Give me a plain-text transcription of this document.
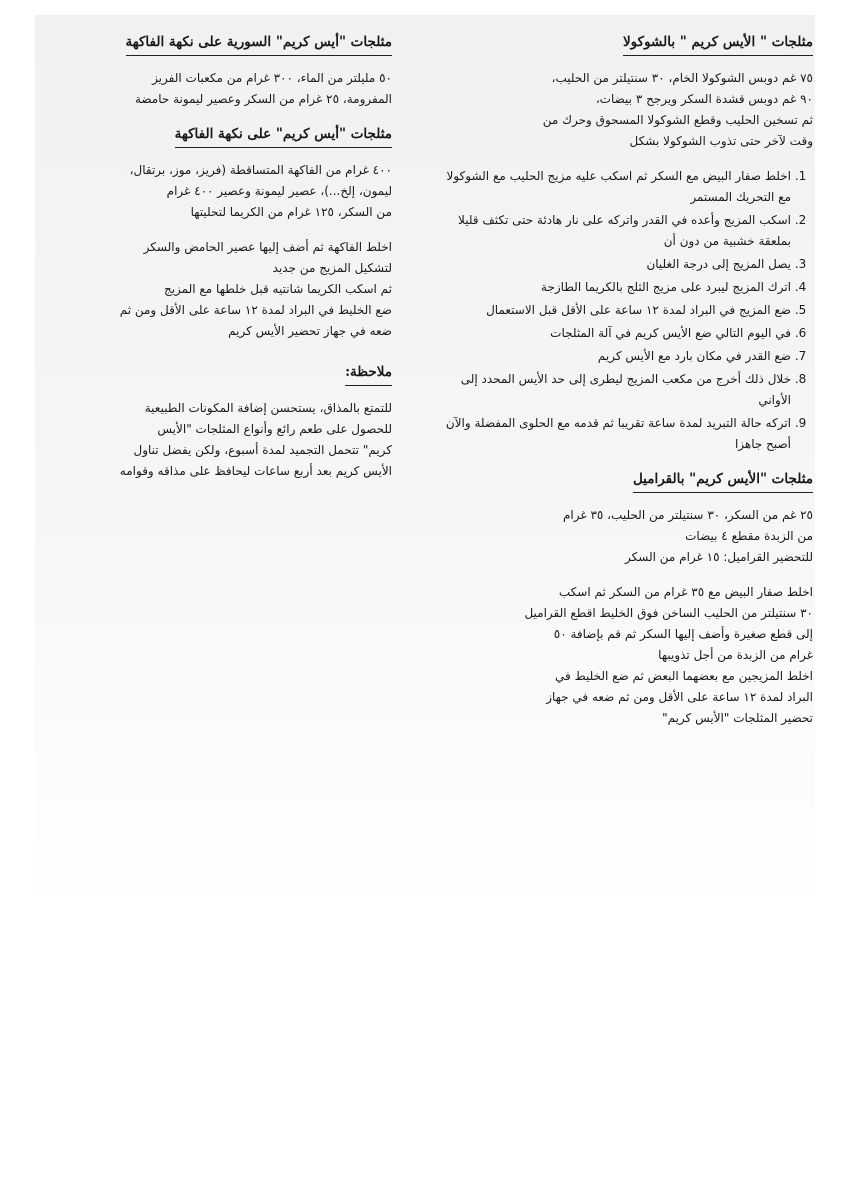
مثلجات " الأيس كريم " بالشوكولا

٧٥ غم دوبس الشوكولا الخام، ٣٠ سنتيلتر من الحليب،

٩٠ غم دوبس قشدة السكر ويرجح ٣ بيضات،

ثم تسخين الحليب وقطع الشوكولا المسحوق وحرك من

وقت لآخر حتى تذوب الشوكولا بشكل

1. اخلط صفار البيض مع السكر ثم اسكب عليه مزيج الحليب مع الشوكولا مع التحريك المستمر
2. اسكب المزيج وأعده في القدر واتركه على نار هادئة حتى تكثف قليلا بملعقة خشبية من دون أن
3. يصل المزيج إلى درجة الغليان
4. اترك المزيج ليبرد على مزيج الثلج بالكريما الطازجة
5. ضع المزيج في البراد لمدة ١٢ ساعة على الأقل قبل الاستعمال
6. في اليوم التالي ضع الأيس كريم في آلة المثلجات
7. ضع القدر في مكان بارد مع الأيس كريم
8. خلال ذلك أخرج من مكعب المزيج ليطرى إلى حد الأيس المحدد إلى الأواني
9. اتركه حالة التبريد لمدة ساعة تقريبا ثم قدمه مع الحلوى المفضلة والآن أصبح جاهزا
مثلجات "الأيس كريم" بالقراميل

٢٥ غم من السكر، ٣٠ سنتيلتر من الحليب، ٣٥ غرام

من الزبدة مقطع ٤ بيضات

للتحضير القراميل: ١٥ غرام من السكر

اخلط صفار البيض مع ٣٥ غرام من السكر ثم اسكب

٣٠ سنتيلتر من الحليب الساخن فوق الخليط اقطع القراميل

إلى قطع صغيرة وأضف إليها السكر ثم قم بإضافة ٥٠

غرام من الزبدة من أجل تذويبها

اخلط المزيجين مع بعضهما البعض ثم ضع الخليط في

البراد لمدة ١٢ ساعة على الأقل ومن ثم ضعه في جهاز

تحضير المثلجات "الأيس كريم"

مثلجات "أيس كريم" السورية على نكهة الفاكهة

٥٠ مليلتر من الماء، ٣٠٠ غرام من مكعبات الفريز

المفرومة، ٢٥ غرام من السكر وعصير ليمونة حامضة

مثلجات "أيس كريم" على نكهة الفاكهة

٤٠٠ غرام من الفاكهة المتساقطة (فريز، موز، برتقال،

ليمون، إلخ...)، عصير ليمونة وعصير ٤٠٠ غرام

من السكر، ١٢٥ غرام من الكريما لتحليتها

اخلط الفاكهة ثم أضف إليها عصير الحامض والسكر

لتشكيل المزيج من جديد

ثم اسكب الكريما شانتيه قبل خلطها مع المزيج

ضع الخليط في البراد لمدة ١٢ ساعة على الأقل ومن ثم

ضعه في جهاز تحضير الأيس كريم

ملاحظة:

للتمتع بالمذاق، يستحسن إضافة المكونات الطبيعية

للحصول على طعم رائع وأنواع المثلجات "الأيس

كريم" تتحمل التجميد لمدة أسبوع، ولكن يفضل تناول

الأيس كريم بعد أربع ساعات ليحافظ على مذاقه وقوامه
